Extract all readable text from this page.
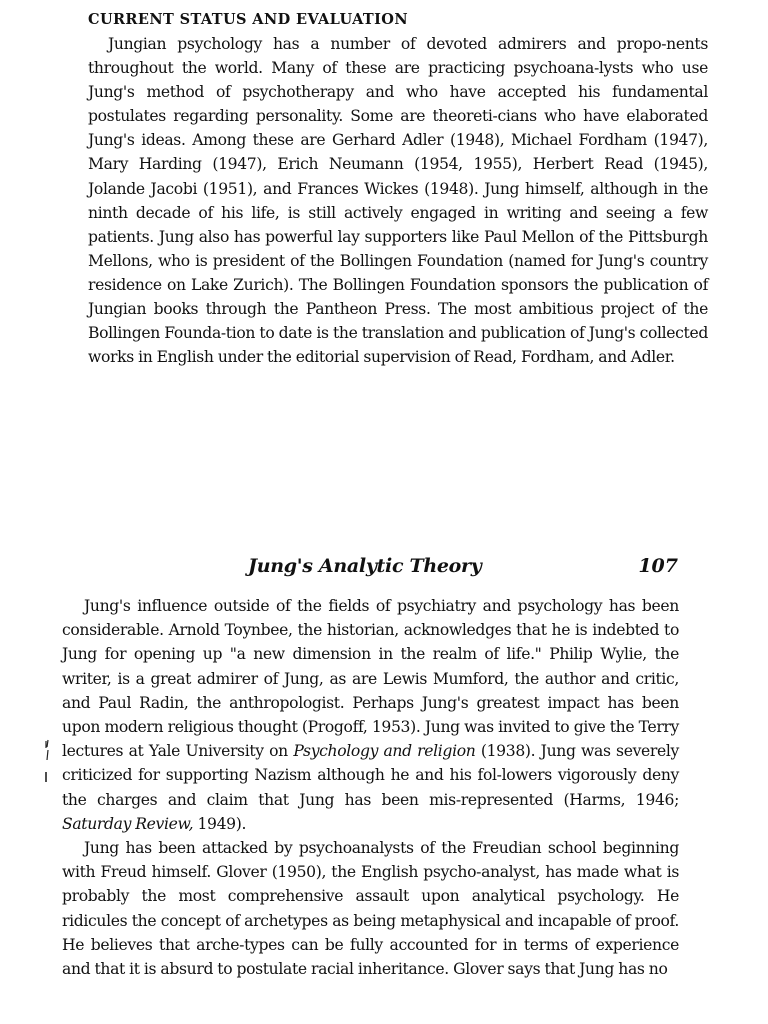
CURRENT STATUS AND EVALUATION

Jungian psychology has a number of devoted admirers and propo-nents throughout the world. Many of these are practicing psychoana-lysts who use Jung's method of psychotherapy and who have accepted his fundamental postulates regarding personality. Some are theoreti-cians who have elaborated Jung's ideas. Among these are Gerhard Adler (1948), Michael Fordham (1947), Mary Harding (1947), Erich Neumann (1954, 1955), Herbert Read (1945), Jolande Jacobi (1951), and Frances Wickes (1948). Jung himself, although in the ninth decade of his life, is still actively engaged in writing and seeing a few patients. Jung also has powerful lay supporters like Paul Mellon of the Pittsburgh Mellons, who is president of the Bollingen Foundation (named for Jung's country residence on Lake Zurich). The Bollingen Foundation sponsors the publication of Jungian books through the Pantheon Press. The most ambitious project of the Bollingen Founda-tion to date is the translation and publication of Jung's collected works in English under the editorial supervision of Read, Fordham, and Adler.

Jung's Analytic Theory	107

Jung's influence outside of the fields of psychiatry and psychology has been considerable. Arnold Toynbee, the historian, acknowledges that he is indebted to Jung for opening up "a new dimension in the realm of life." Philip Wylie, the writer, is a great admirer of Jung, as are Lewis Mumford, the author and critic, and Paul Radin, the anthropologist. Perhaps Jung's greatest impact has been upon modern religious thought (Progoff, 1953). Jung was invited to give the Terry lectures at Yale University on Psychology and religion (1938). Jung was severely criticized for supporting Nazism although he and his fol-lowers vigorously deny the charges and claim that Jung has been mis-represented (Harms, 1946; Saturday Review, 1949).

Jung has been attacked by psychoanalysts of the Freudian school beginning with Freud himself. Glover (1950), the English psycho-analyst, has made what is probably the most comprehensive assault upon analytical psychology. He ridicules the concept of archetypes as being metaphysical and incapable of proof. He believes that arche-types can be fully accounted for in terms of experience and that it is absurd to postulate racial inheritance. Glover says that Jung has no
